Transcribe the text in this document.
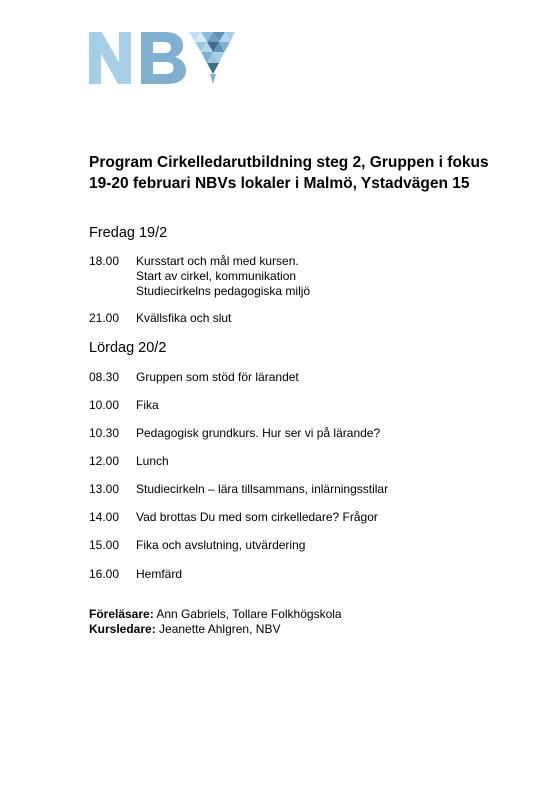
Program Cirkelledarutbildning steg 2, Gruppen i fokus
19-20 februari NBVs lokaler i Malmö, Ystadvägen 15
Fredag 19/2
18.00	Kursstart och mål med kursen.
Start av cirkel, kommunikation
Studiecirkelns pedagogiska miljö
21.00	Kvällsfika och slut
Lördag 20/2
08.30	Gruppen som stöd för lärandet
10.00	Fika
10.30	Pedagogisk grundkurs. Hur ser vi på lärande?
12.00	Lunch
13.00	Studiecirkeln – lära tillsammans, inlärningsstilar
14.00	Vad brottas Du med som cirkelledare? Frågor
15.00	Fika och avslutning, utvärdering
16.00	Hemfärd
Föreläsare: Ann Gabriels, Tollare Folkhögskola
Kursledare: Jeanette Ahlgren, NBV
